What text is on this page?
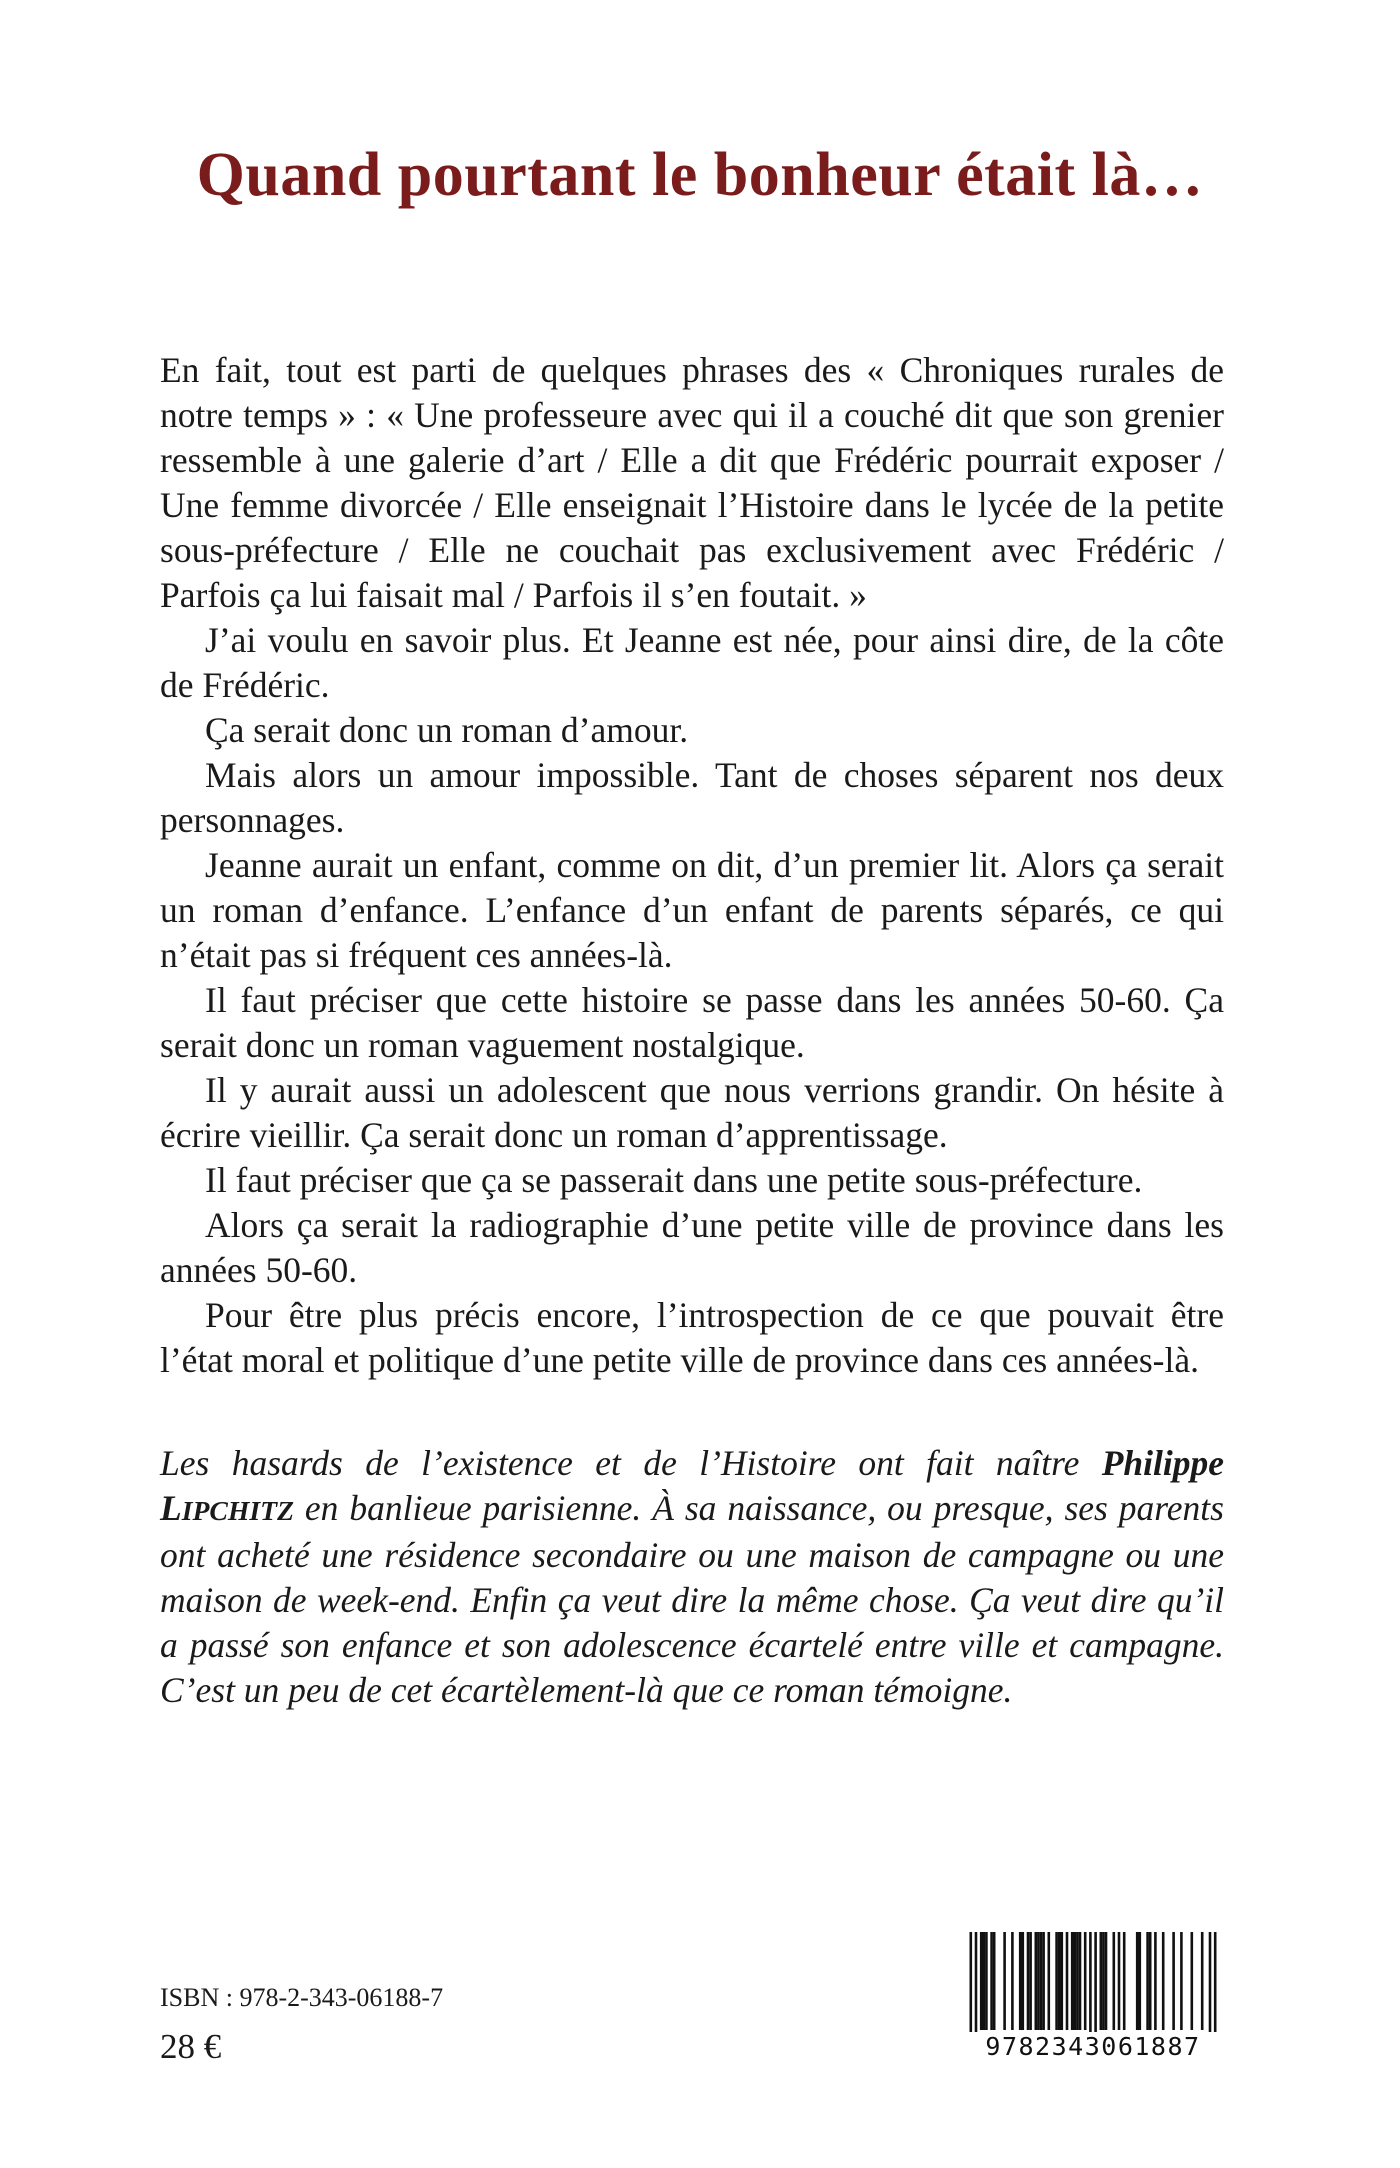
Quand pourtant le bonheur était là…

En fait, tout est parti de quelques phrases des « Chroniques rurales de notre temps » : « Une professeure avec qui il a couché dit que son grenier ressemble à une galerie d’art / Elle a dit que Frédéric pourrait exposer / Une femme divorcée / Elle enseignait l’Histoire dans le lycée de la petite sous-préfecture / Elle ne couchait pas exclusivement avec Frédéric / Parfois ça lui faisait mal / Parfois il s’en foutait. »

J’ai voulu en savoir plus. Et Jeanne est née, pour ainsi dire, de la côte de Frédéric.

Ça serait donc un roman d’amour.

Mais alors un amour impossible. Tant de choses séparent nos deux personnages.

Jeanne aurait un enfant, comme on dit, d’un premier lit. Alors ça serait un roman d’enfance. L’enfance d’un enfant de parents séparés, ce qui n’était pas si fréquent ces années-là.

Il faut préciser que cette histoire se passe dans les années 50-60. Ça serait donc un roman vaguement nostalgique.

Il y aurait aussi un adolescent que nous verrions grandir. On hésite à écrire vieillir. Ça serait donc un roman d’apprentissage.

Il faut préciser que ça se passerait dans une petite sous-préfecture.

Alors ça serait la radiographie d’une petite ville de province dans les années 50-60.

Pour être plus précis encore, l’introspection de ce que pouvait être l’état moral et politique d’une petite ville de province dans ces années-là.

Les hasards de l’existence et de l’Histoire ont fait naître Philippe LIPCHITZ en banlieue parisienne. À sa naissance, ou presque, ses parents ont acheté une résidence secondaire ou une maison de campagne ou une maison de week-end. Enfin ça veut dire la même chose. Ça veut dire qu’il a passé son enfance et son adolescence écartelé entre ville et campagne. C’est un peu de cet écartèlement-là que ce roman témoigne.

ISBN : 978-2-343-06188-7

28 €	9782343061887
